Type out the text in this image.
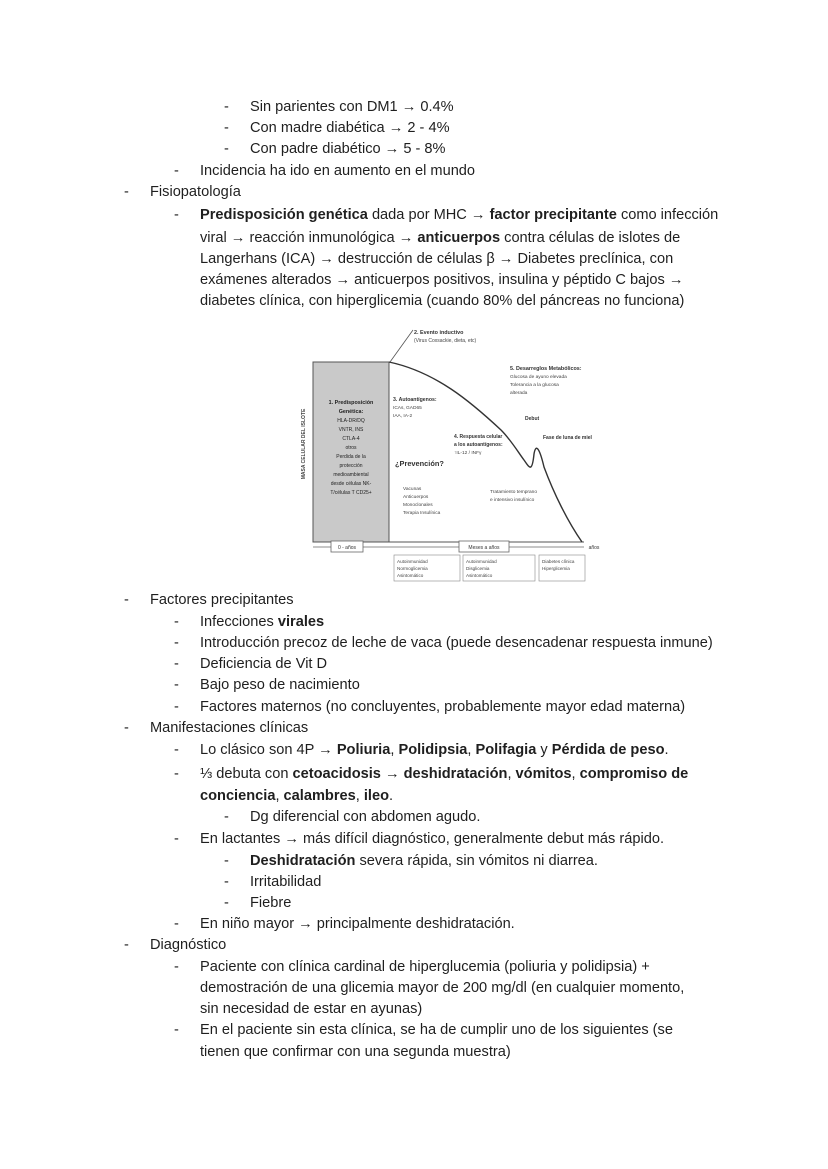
- Sin parientes con DM1 → 0.4%
- Con madre diabética → 2 - 4%
- Con padre diabético → 5 - 8%
- Incidencia ha ido en aumento en el mundo
- Fisiopatología
- Predisposición genética dada por MHC → factor precipitante como infección
viral → reacción inmunológica → anticuerpos contra células de islotes de
Langerhans (ICA) → destrucción de células β → Diabetes preclínica, con
exámenes alterados → anticuerpos positivos, insulina y péptido C bajos →
diabetes clínica, con hiperglicemia (cuando 80% del páncreas no funciona)
2. Evento inductivo
(Virus Coxsackie, dieta, etc)
5. Desarreglos Metabólicos:
Glucosa de ayuno elevada
Tolerancia a la glucosa
alterada
1. Predisposición
Genética:
HLA-DR/DQ
VNTR, INS
CTLA-4
otros
Perdida de la
protección
medioambiental
desde células NK-
T/células T CD25+
3. Autoantígenos:
ICAs, GAD65
IAA, IA-2	Debut
Fase de luna de miel
4. Respuesta celular
a los autoantígenos:
↑IL-12 / INFγ
¿Prevención?
Vacunas
Anticuerpos
Monoclonales
Terapia Insulínica
Tratamiento temprano
e intensivo insulínico
MASA CELULAR DEL ISLOTE
0 - años	Meses a años	años
Autoinmunidad
Normoglicemia
Asintomático
Autoinmunidad
Disglicemia
Asintomático
Diabetes clínica
Hiperglicemia
- Factores precipitantes
- Infecciones virales
- Introducción precoz de leche de vaca (puede desencadenar respuesta inmune)
- Deficiencia de Vit D
- Bajo peso de nacimiento
- Factores maternos (no concluyentes, probablemente mayor edad materna)
- Manifestaciones clínicas
- Lo clásico son 4P → Poliuria, Polidipsia, Polifagia y Pérdida de peso.
- ⅓ debuta con cetoacidosis → deshidratación, vómitos, compromiso de
conciencia, calambres, ileo.
- Dg diferencial con abdomen agudo.
- En lactantes → más difícil diagnóstico, generalmente debut más rápido.
- Deshidratación severa rápida, sin vómitos ni diarrea.
- Irritabilidad
- Fiebre
- En niño mayor → principalmente deshidratación.
- Diagnóstico
- Paciente con clínica cardinal de hiperglucemia (poliuria y polidipsia) +
demostración de una glicemia mayor de 200 mg/dl (en cualquier momento,
sin necesidad de estar en ayunas)
- En el paciente sin esta clínica, se ha de cumplir uno de los siguientes (se
tienen que confirmar con una segunda muestra)
